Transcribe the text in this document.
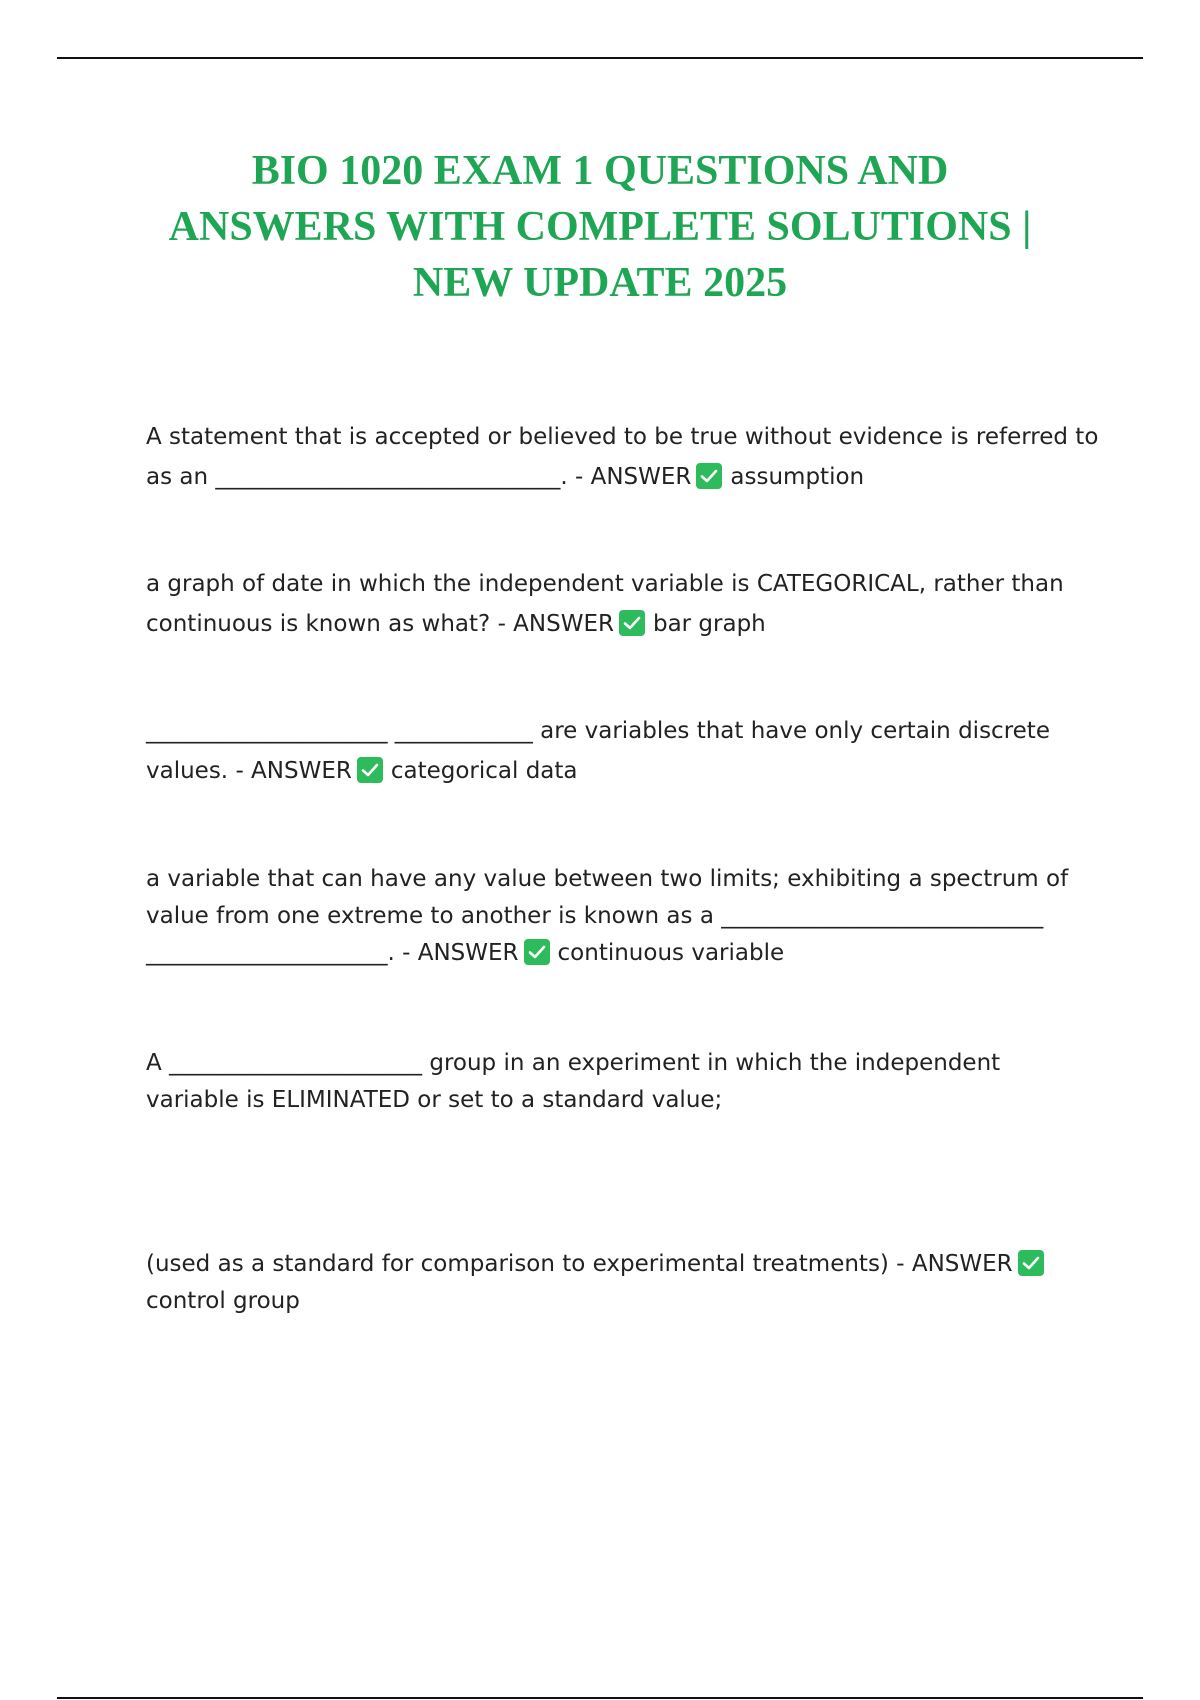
BIO 1020 EXAM 1 QUESTIONS AND
ANSWERS WITH COMPLETE SOLUTIONS |
NEW UPDATE 2025
A statement that is accepted or believed to be true without evidence is referred to
as an ______________________________. - ANSWER assumption
a graph of date in which the independent variable is CATEGORICAL, rather than
continuous is known as what? - ANSWER bar graph
_____________________ ____________ are variables that have only certain discrete
values. - ANSWER categorical data
a variable that can have any value between two limits; exhibiting a spectrum of
value from one extreme to another is known as a ____________________________
_____________________. - ANSWER continuous variable
A ______________________ group in an experiment in which the independent
variable is ELIMINATED or set to a standard value;
(used as a standard for comparison to experimental treatments) - ANSWER
control group
